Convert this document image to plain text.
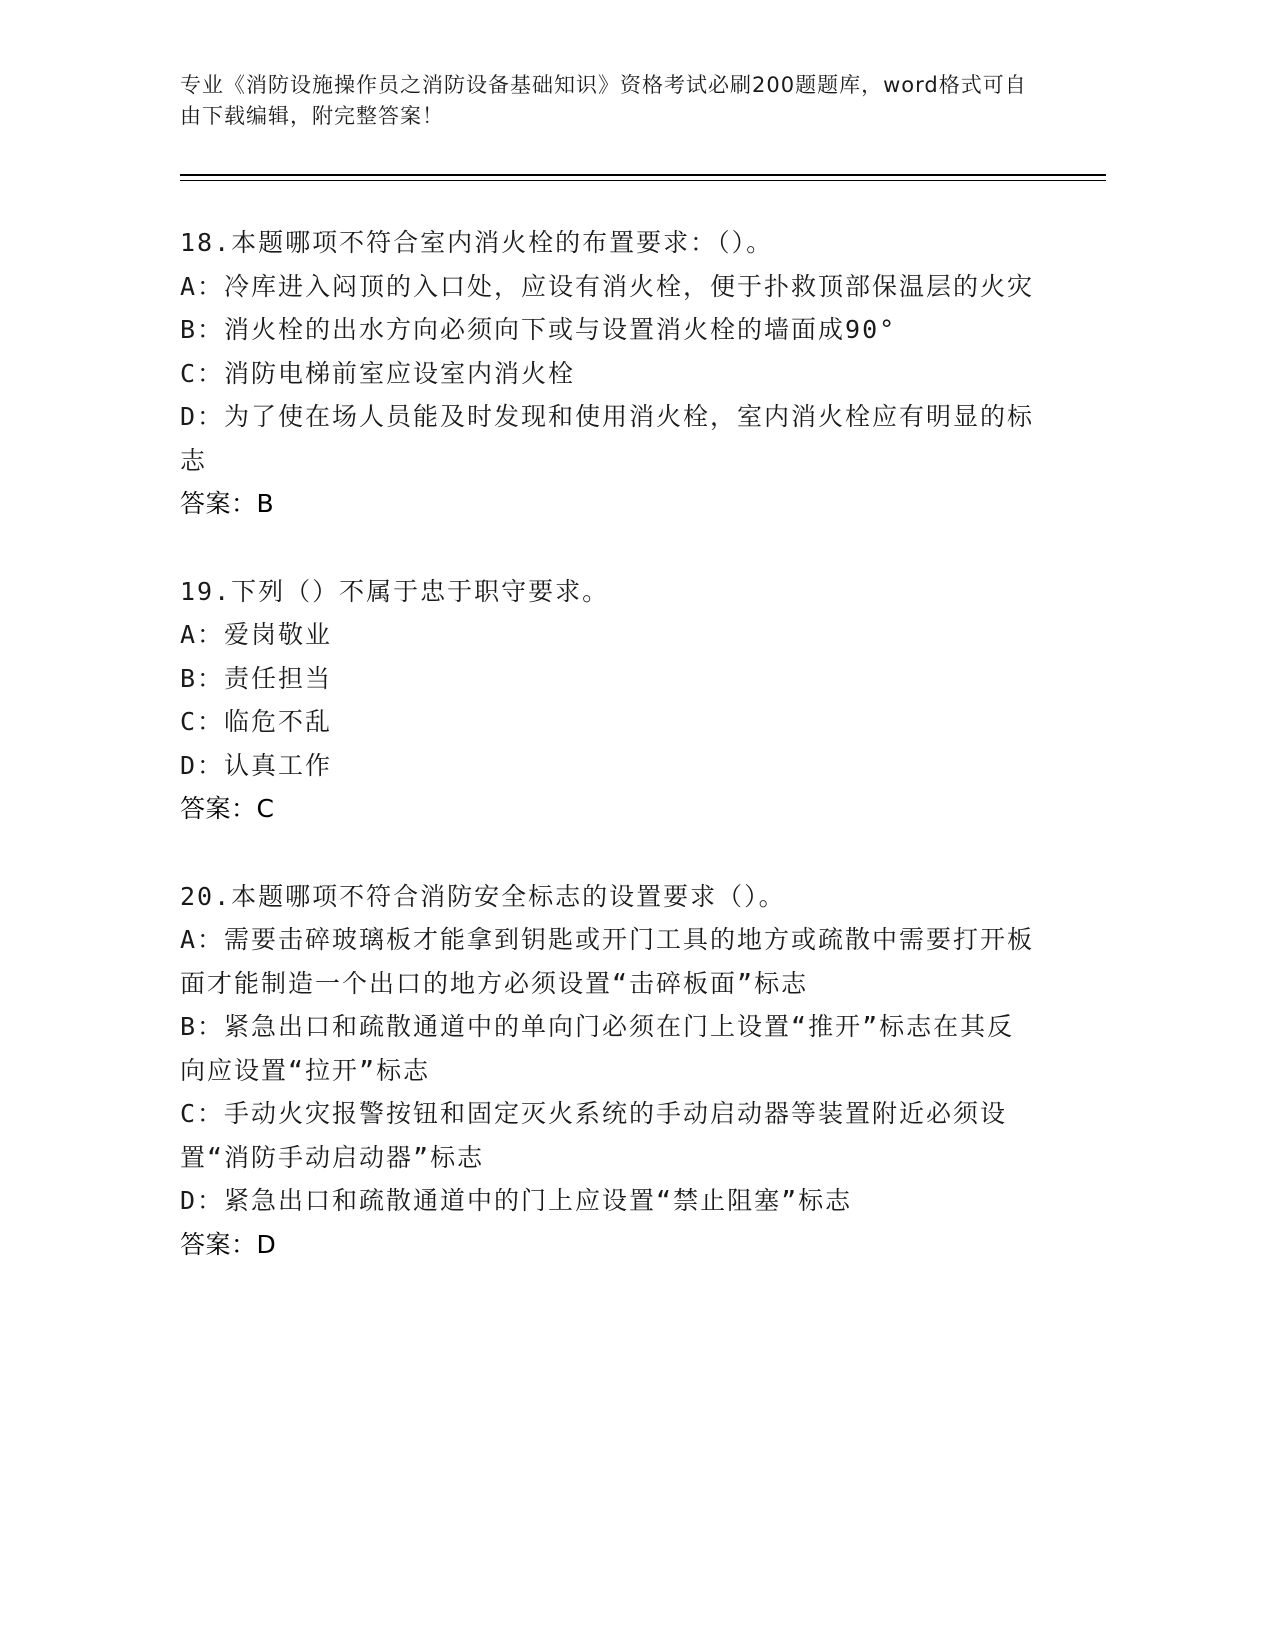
专业《消防设施操作员之消防设备基础知识》资格考试必刷200题题库，word格式可自由下载编辑，附完整答案！
18.本题哪项不符合室内消火栓的布置要求：（）。
A：冷库进入闷顶的入口处，应设有消火栓，便于扑救顶部保温层的火灾
B：消火栓的出水方向必须向下或与设置消火栓的墙面成90°
C：消防电梯前室应设室内消火栓
D：为了使在场人员能及时发现和使用消火栓，室内消火栓应有明显的标志
答案：B
19.下列（）不属于忠于职守要求。
A：爱岗敬业
B：责任担当
C：临危不乱
D：认真工作
答案：C
20.本题哪项不符合消防安全标志的设置要求（）。
A：需要击碎玻璃板才能拿到钥匙或开门工具的地方或疏散中需要打开板面才能制造一个出口的地方必须设置“击碎板面”标志
B：紧急出口和疏散通道中的单向门必须在门上设置“推开”标志在其反向应设置“拉开”标志
C：手动火灾报警按钮和固定灭火系统的手动启动器等装置附近必须设置“消防手动启动器”标志
D：紧急出口和疏散通道中的门上应设置“禁止阻塞”标志
答案：D
